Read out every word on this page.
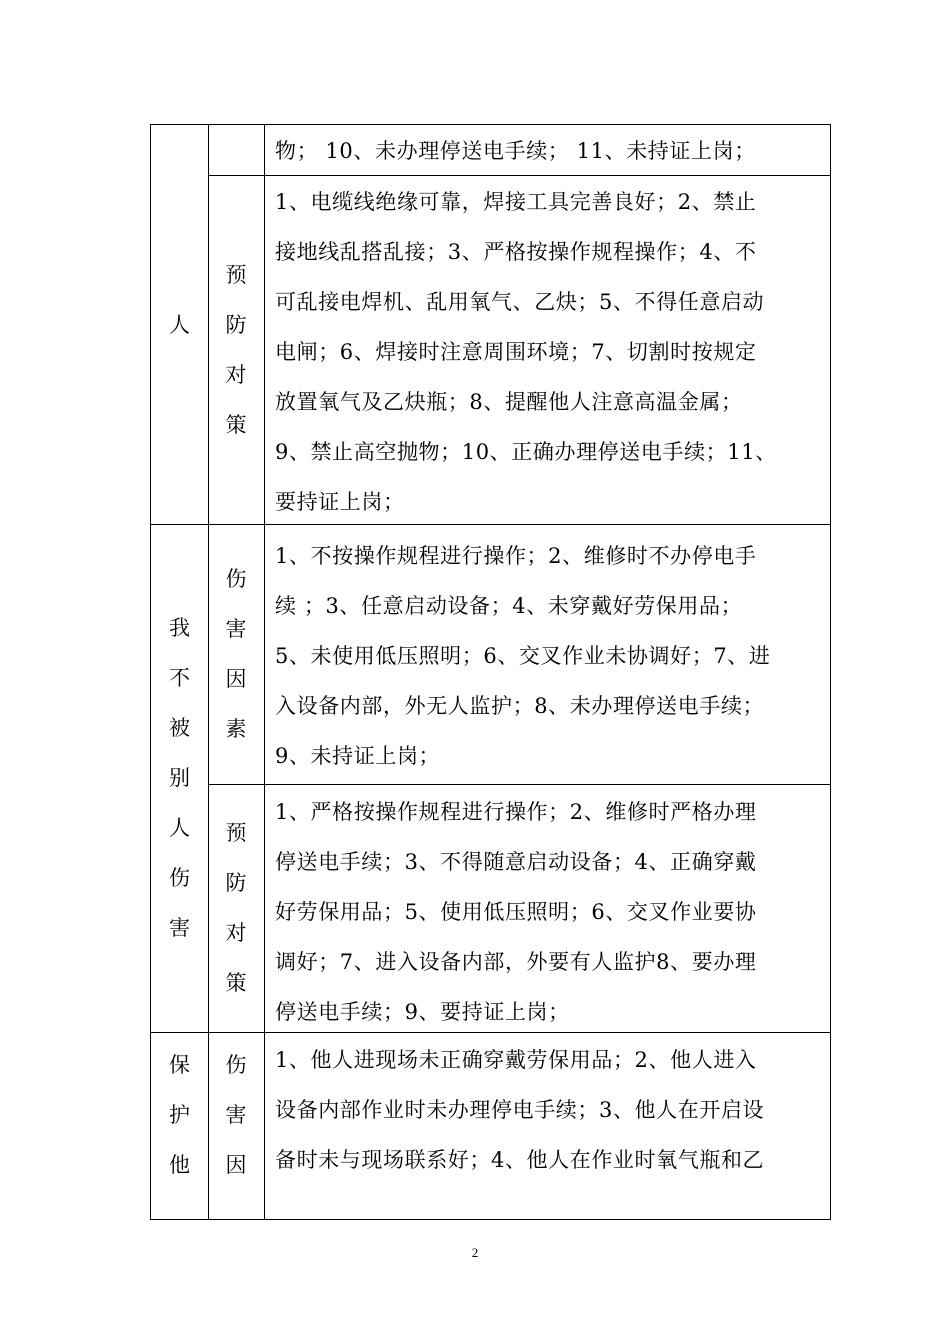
人
我
不
被
别
人
伤
害
保
护
他
预
防
对
策
伤
害
因
素
预
防
对
策
伤
害
因
物； 10、未办理停送电手续； 11、未持证上岗；
1、电缆线绝缘可靠，焊接工具完善良好；2、禁止
接地线乱搭乱接；3、严格按操作规程操作；4、不
可乱接电焊机、乱用氧气、乙炔；5、不得任意启动
电闸；6、焊接时注意周围环境；7、切割时按规定
放置氧气及乙炔瓶；8、提醒他人注意高温金属；
9、禁止高空抛物；10、正确办理停送电手续；11、
要持证上岗；
1、不按操作规程进行操作；2、维修时不办停电手
续 ；3、任意启动设备；4、未穿戴好劳保用品；
5、未使用低压照明；6、交叉作业未协调好；7、进
入设备内部，外无人监护；8、未办理停送电手续；
9、未持证上岗；
1、严格按操作规程进行操作；2、维修时严格办理
停送电手续；3、不得随意启动设备；4、正确穿戴
好劳保用品；5、使用低压照明；6、交叉作业要协
调好；7、进入设备内部，外要有人监护8、要办理
停送电手续；9、要持证上岗；
1、他人进现场未正确穿戴劳保用品；2、他人进入
设备内部作业时未办理停电手续；3、他人在开启设
备时未与现场联系好；4、他人在作业时氧气瓶和乙
2
